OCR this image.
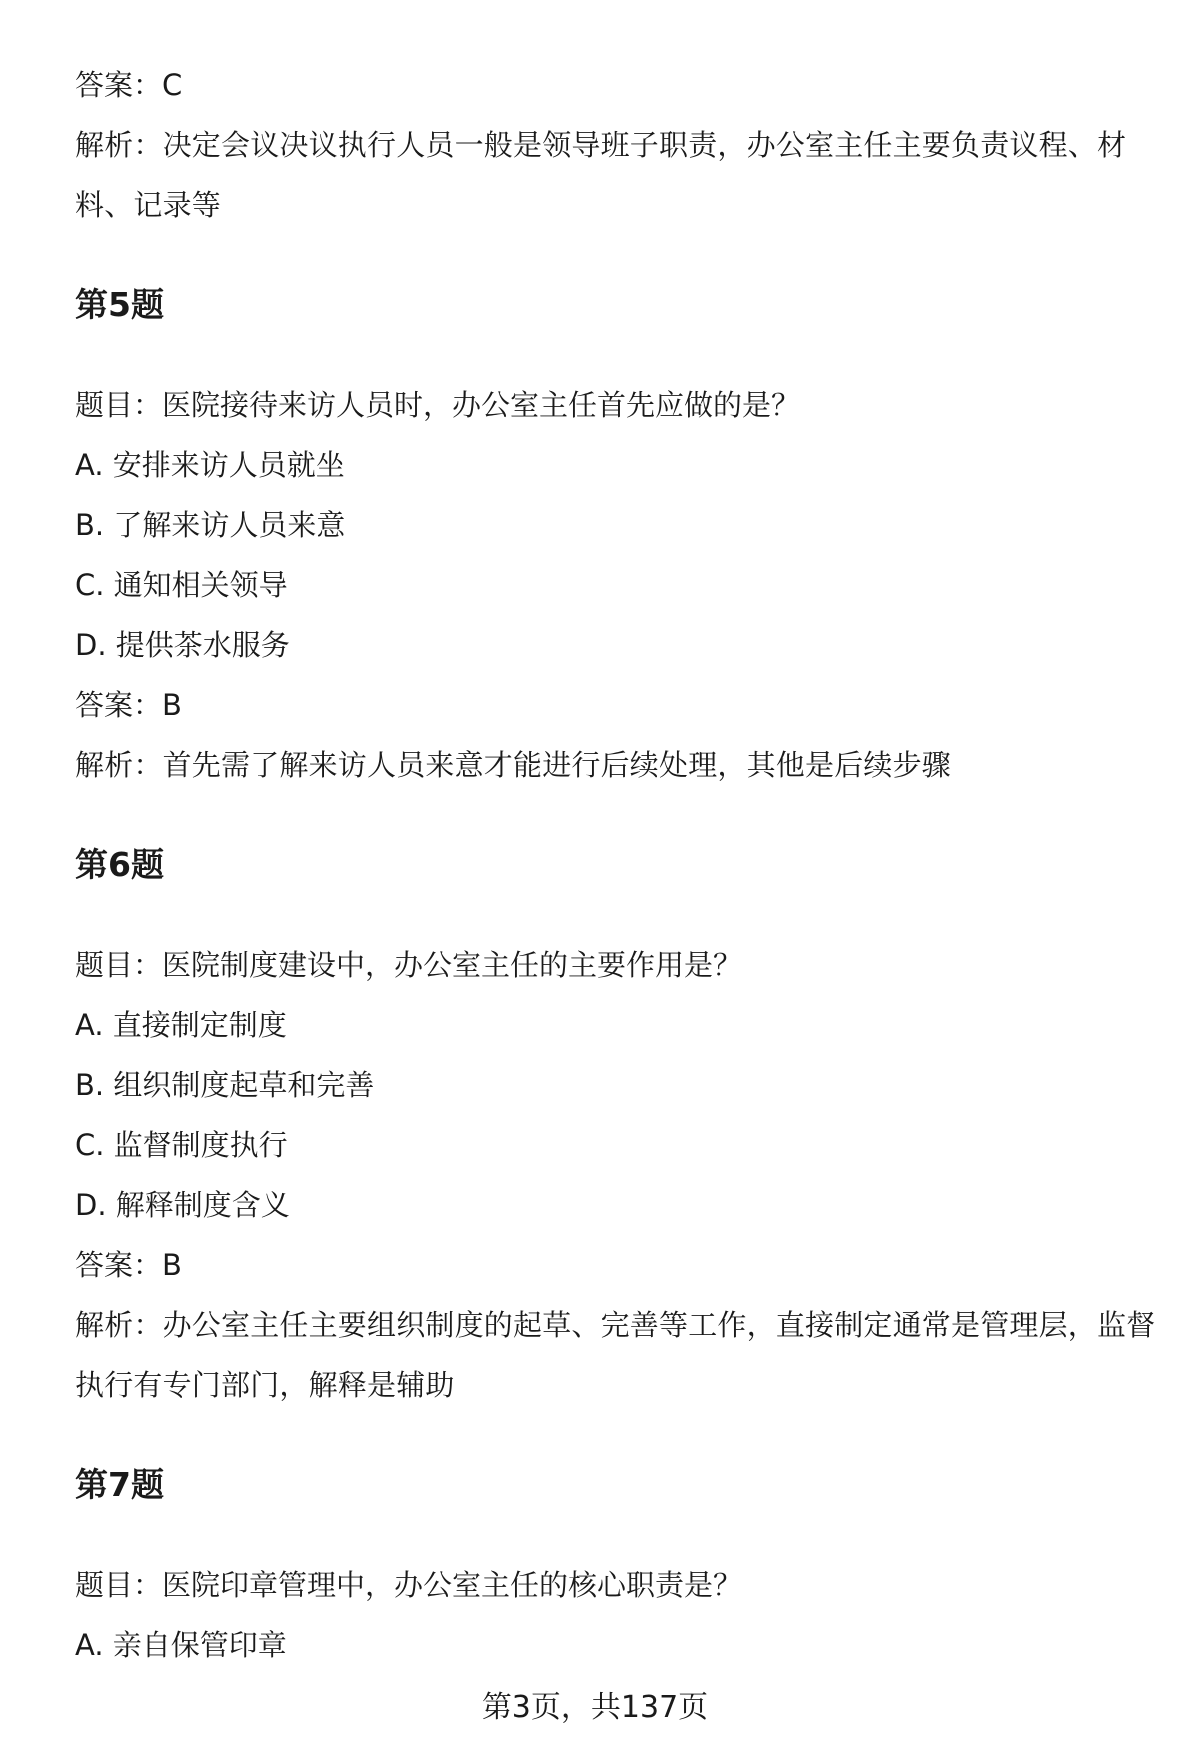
答案：C

解析：决定会议决议执行人员一般是领导班子职责，办公室主任主要负责议程、材料、记录等

第5题

题目：医院接待来访人员时，办公室主任首先应做的是？

A. 安排来访人员就坐

B. 了解来访人员来意

C. 通知相关领导

D. 提供茶水服务

答案：B

解析：首先需了解来访人员来意才能进行后续处理，其他是后续步骤

第6题

题目：医院制度建设中，办公室主任的主要作用是？

A. 直接制定制度

B. 组织制度起草和完善

C. 监督制度执行

D. 解释制度含义

答案：B

解析：办公室主任主要组织制度的起草、完善等工作，直接制定通常是管理层，监督执行有专门部门，解释是辅助

第7题

题目：医院印章管理中，办公室主任的核心职责是？

A. 亲自保管印章

第3页，共137页
